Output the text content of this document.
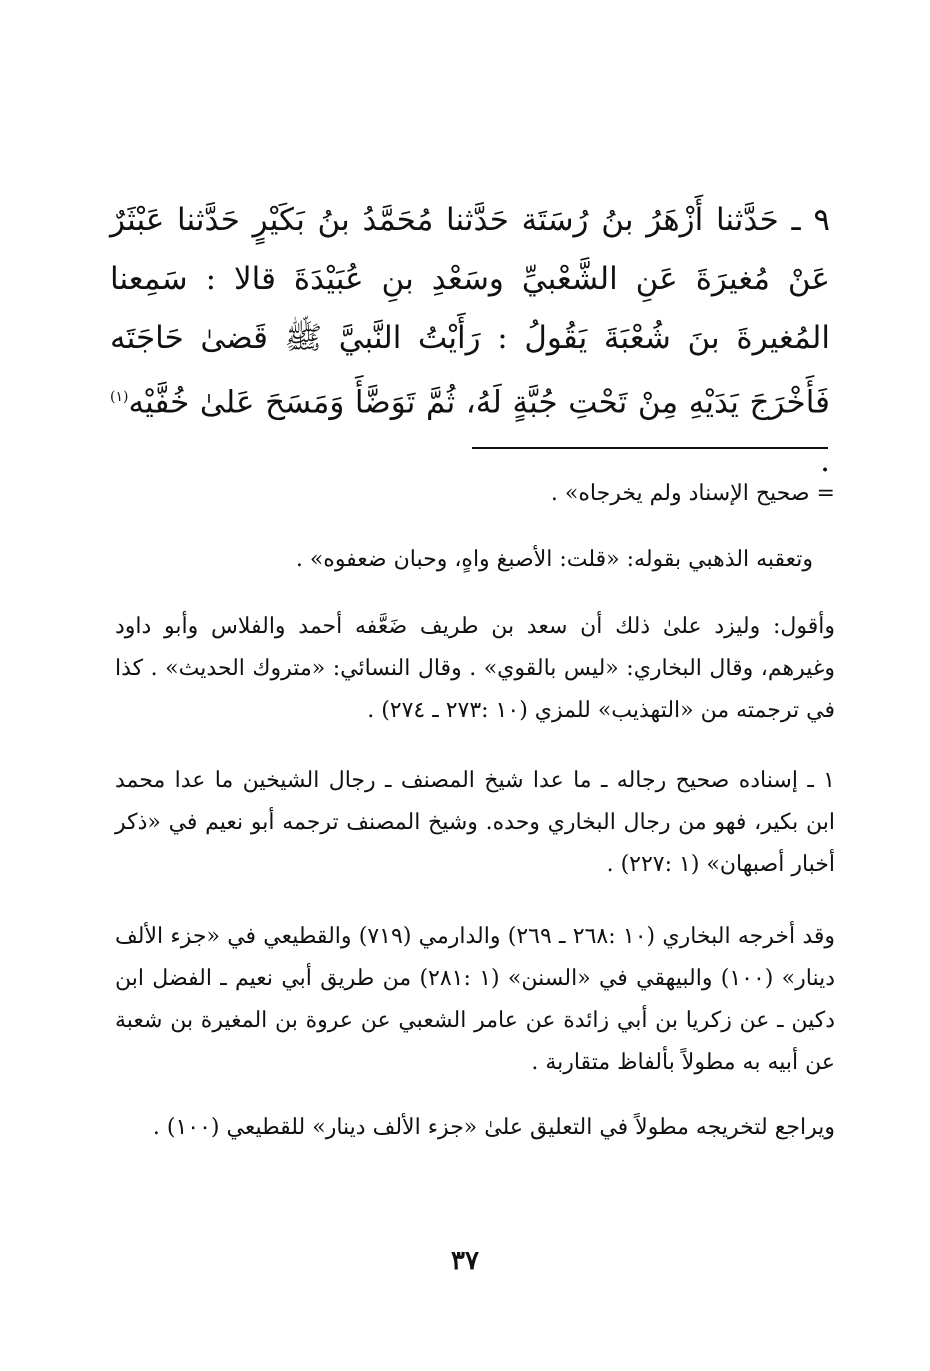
٩ ـ حَدَّثنا أَزْهَرُ بنُ رُسَتَة حَدَّثنا مُحَمَّدُ بنُ بَكَيْرٍ حَدَّثنا عَبْثَرٌ عَنْ مُغيرَةَ عَنِ الشَّعْبيِّ وسَعْدِ بنِ عُبَيْدَةَ قالا : سَمِعنا المُغيرةَ بنَ شُعْبَةَ يَقُولُ : رَأَيْتُ النَّبيَّ ﷺ قَضىٰ حَاجَتَه فَأَخْرَجَ يَدَيْهِ مِنْ تَحْتِ جُبَّةٍ لَهُ، ثُمَّ تَوَضَّأَ وَمَسَحَ عَلىٰ خُفَّيْه$^{(١)}$ .

= صحيح الإسناد ولم يخرجاه» .

وتعقبه الذهبي بقوله: «قلت: الأصبغ واهٍ، وحبان ضعفوه» .

وأقول: وليزد علىٰ ذلك أن سعد بن طريف ضَعَّفه أحمد والفلاس وأبو داود وغيرهم، وقال البخاري: «ليس بالقوي» . وقال النسائي: «متروك الحديث» . كذا في ترجمته من «التهذيب» للمزي (١٠ :٢٧٣ ـ ٢٧٤) .

١ ـ إسناده صحيح رجاله ـ ما عدا شيخ المصنف ـ رجال الشيخين ما عدا محمد ابن بكير، فهو من رجال البخاري وحده. وشيخ المصنف ترجمه أبو نعيم في «ذكر أخبار أصبهان» (١ :٢٢٧) .

وقد أخرجه البخاري (١٠ :٢٦٨ ـ ٢٦٩) والدارمي (٧١٩) والقطيعي في «جزء الألف دينار» (١٠٠) والبيهقي في «السنن» (١ :٢٨١) من طريق أبي نعيم ـ الفضل ابن دكين ـ عن زكريا بن أبي زائدة عن عامر الشعبي عن عروة بن المغيرة بن شعبة عن أبيه به مطولاً بألفاظ متقاربة .

ويراجع لتخريجه مطولاً في التعليق علىٰ «جزء الألف دينار» للقطيعي (١٠٠) .

٣٧
